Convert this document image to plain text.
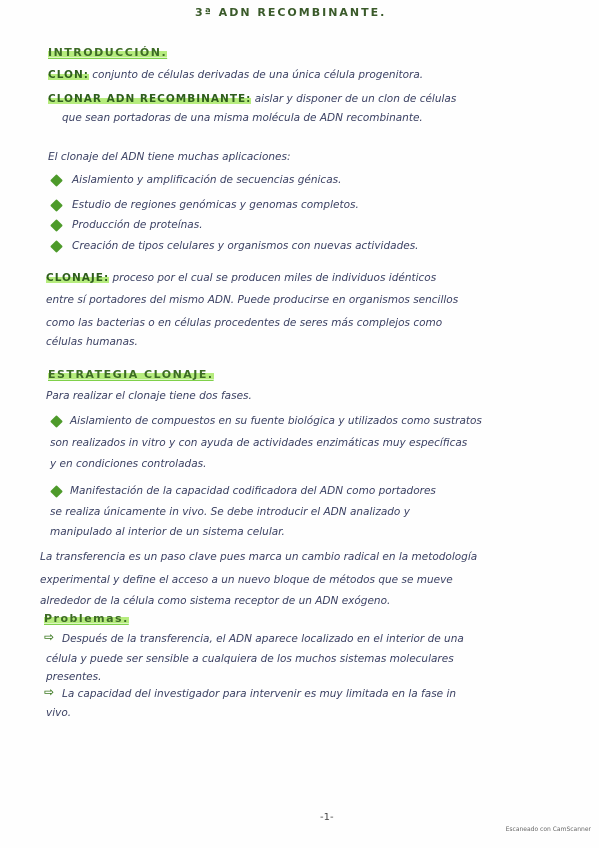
3ª ADN RECOMBINANTE.
INTRODUCCIÓN.
CLON: conjunto de células derivadas de una única célula progenitora.
CLONAR ADN RECOMBINANTE: aislar y disponer de un clon de células
que sean portadoras de una misma molécula de ADN recombinante.
El clonaje del ADN tiene muchas aplicaciones:
Aislamiento y amplificación de secuencias génicas.
Estudio de regiones genómicas y genomas completos.
Producción de proteínas.
Creación de tipos celulares y organismos con nuevas actividades.
CLONAJE: proceso por el cual se producen miles de individuos idénticos
entre sí portadores del mismo ADN. Puede producirse en organismos sencillos
como las bacterias o en células procedentes de seres más complejos como
células humanas.
ESTRATEGIA CLONAJE.
Para realizar el clonaje tiene dos fases.
Aislamiento de compuestos en su fuente biológica y utilizados como sustratos
son realizados in vitro y con ayuda de actividades enzimáticas muy específicas
y en condiciones controladas.
Manifestación de la capacidad codificadora del ADN como portadores
se realiza únicamente in vivo. Se debe introducir el ADN analizado y
manipulado al interior de un sistema celular.
La transferencia es un paso clave pues marca un cambio radical en la metodología
experimental y define el acceso a un nuevo bloque de métodos que se mueve
alrededor de la célula como sistema receptor de un ADN exógeno.
Problemas.
⇨ Después de la transferencia, el ADN aparece localizado en el interior de una
célula y puede ser sensible a cualquiera de los muchos sistemas moleculares
presentes.
⇨ La capacidad del investigador para intervenir es muy limitada en la fase in
vivo.
-1-
Escaneado con CamScanner
